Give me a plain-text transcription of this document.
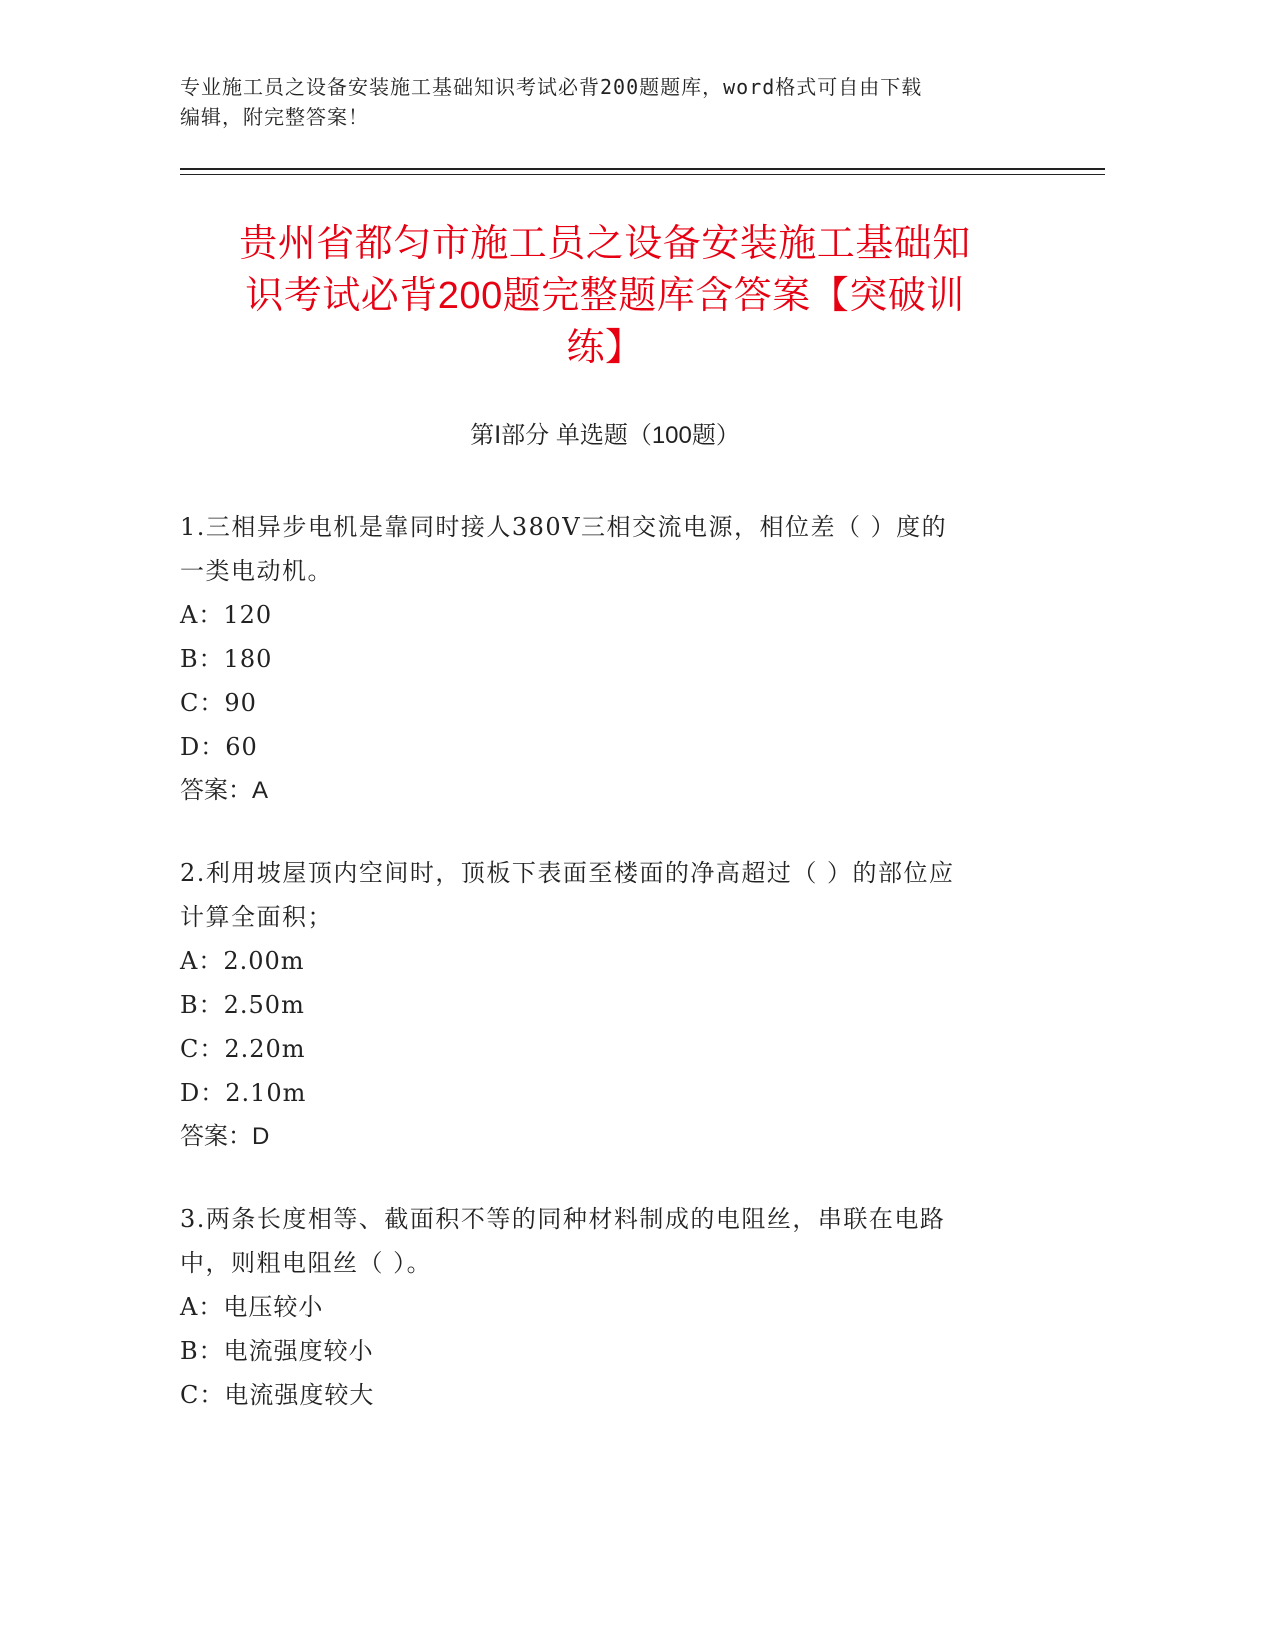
专业施工员之设备安装施工基础知识考试必背200题题库，word格式可自由下载
编辑，附完整答案！
贵州省都匀市施工员之设备安装施工基础知
识考试必背200题完整题库含答案【突破训
练】
第Ⅰ部分 单选题（100题）
1.三相异步电机是靠同时接人380V三相交流电源，相位差（ ）度的
一类电动机。
A：120
B：180
C：90
D：60
答案：A
2.利用坡屋顶内空间时，顶板下表面至楼面的净高超过（ ）的部位应
计算全面积；
A：2.00m
B：2.50m
C：2.20m
D：2.10m
答案：D
3.两条长度相等、截面积不等的同种材料制成的电阻丝，串联在电路
中，则粗电阻丝（ ）。
A：电压较小
B：电流强度较小
C：电流强度较大
